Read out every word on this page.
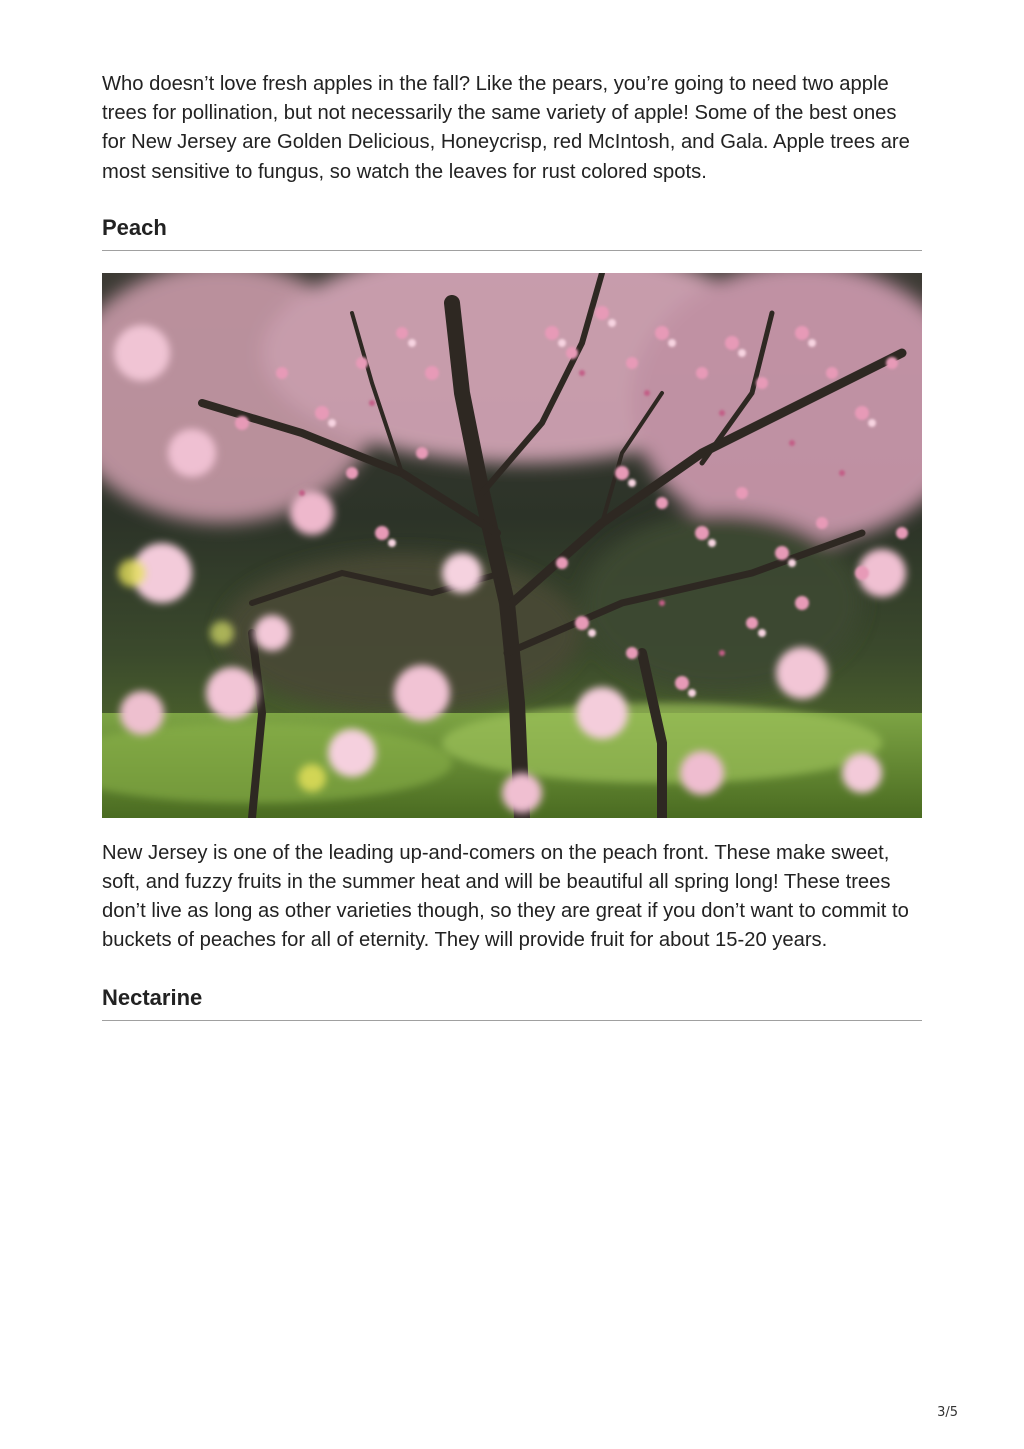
Who doesn’t love fresh apples in the fall? Like the pears, you’re going to need two apple trees for pollination, but not necessarily the same variety of apple! Some of the best ones for New Jersey are Golden Delicious, Honeycrisp, red McIntosh, and Gala. Apple trees are most sensitive to fungus, so watch the leaves for rust colored spots.

Peach

New Jersey is one of the leading up-and-comers on the peach front. These make sweet, soft, and fuzzy fruits in the summer heat and will be beautiful all spring long! These trees don’t live as long as other varieties though, so they are great if you don’t want to commit to buckets of peaches for all of eternity. They will provide fruit for about 15-20 years.

Nectarine
3/5
